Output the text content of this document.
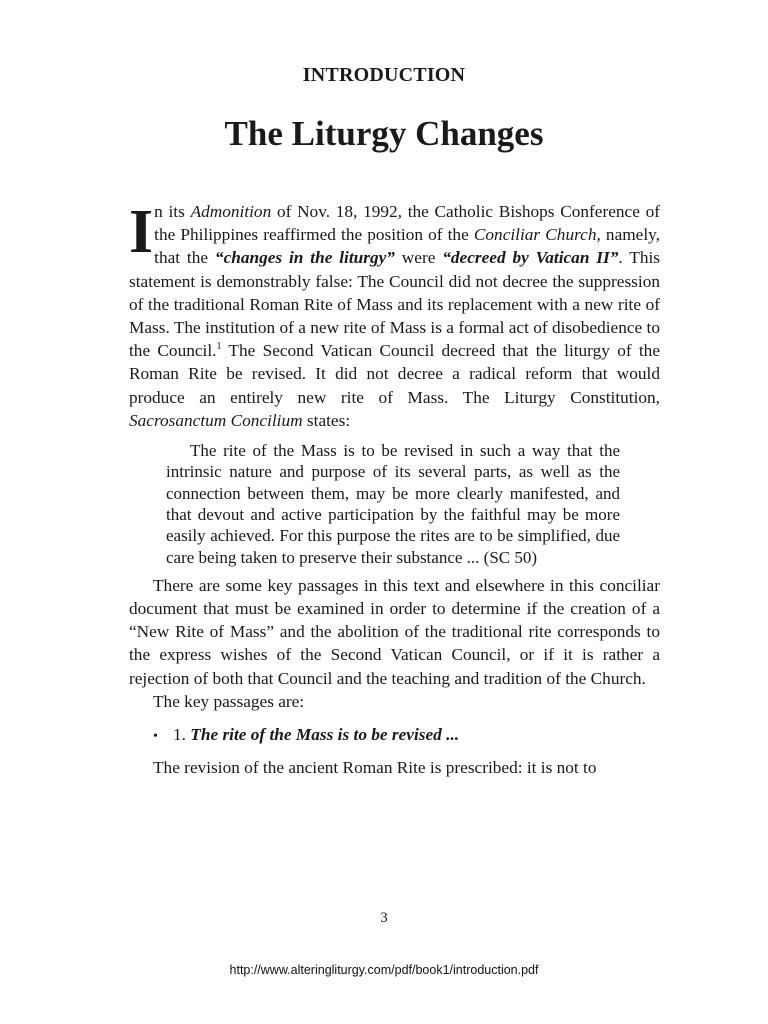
INTRODUCTION
The Liturgy Changes

In its Admonition of Nov. 18, 1992, the Catholic Bishops Conference of the Philippines reaffirmed the position of the Conciliar Church, namely, that the “changes in the liturgy” were “decreed by Vatican II”. This statement is demonstrably false: The Council did not decree the suppression of the traditional Roman Rite of Mass and its replacement with a new rite of Mass. The institution of a new rite of Mass is a formal act of disobedience to the Council.$^1$ The Second Vatican Council decreed that the liturgy of the Roman Rite be revised. It did not decree a radical reform that would produce an entirely new rite of Mass. The Liturgy Constitution, Sacrosanctum Concilium states:

The rite of the Mass is to be revised in such a way that the intrinsic nature and purpose of its several parts, as well as the connection between them, may be more clearly manifested, and that devout and active participation by the faithful may be more easily achieved. For this purpose the rites are to be simplified, due care being taken to preserve their substance ... (SC 50)

There are some key passages in this text and elsewhere in this conciliar document that must be examined in order to determine if the creation of a “New Rite of Mass” and the abolition of the traditional rite corresponds to the express wishes of the Second Vatican Council, or if it is rather a rejection of both that Council and the teaching and tradition of the Church.

The key passages are:

• 1.
The rite of the Mass is to be revised ...

The revision of the ancient Roman Rite is prescribed: it is not to

3
http://www.alteringliturgy.com/pdf/book1/introduction.pdf
